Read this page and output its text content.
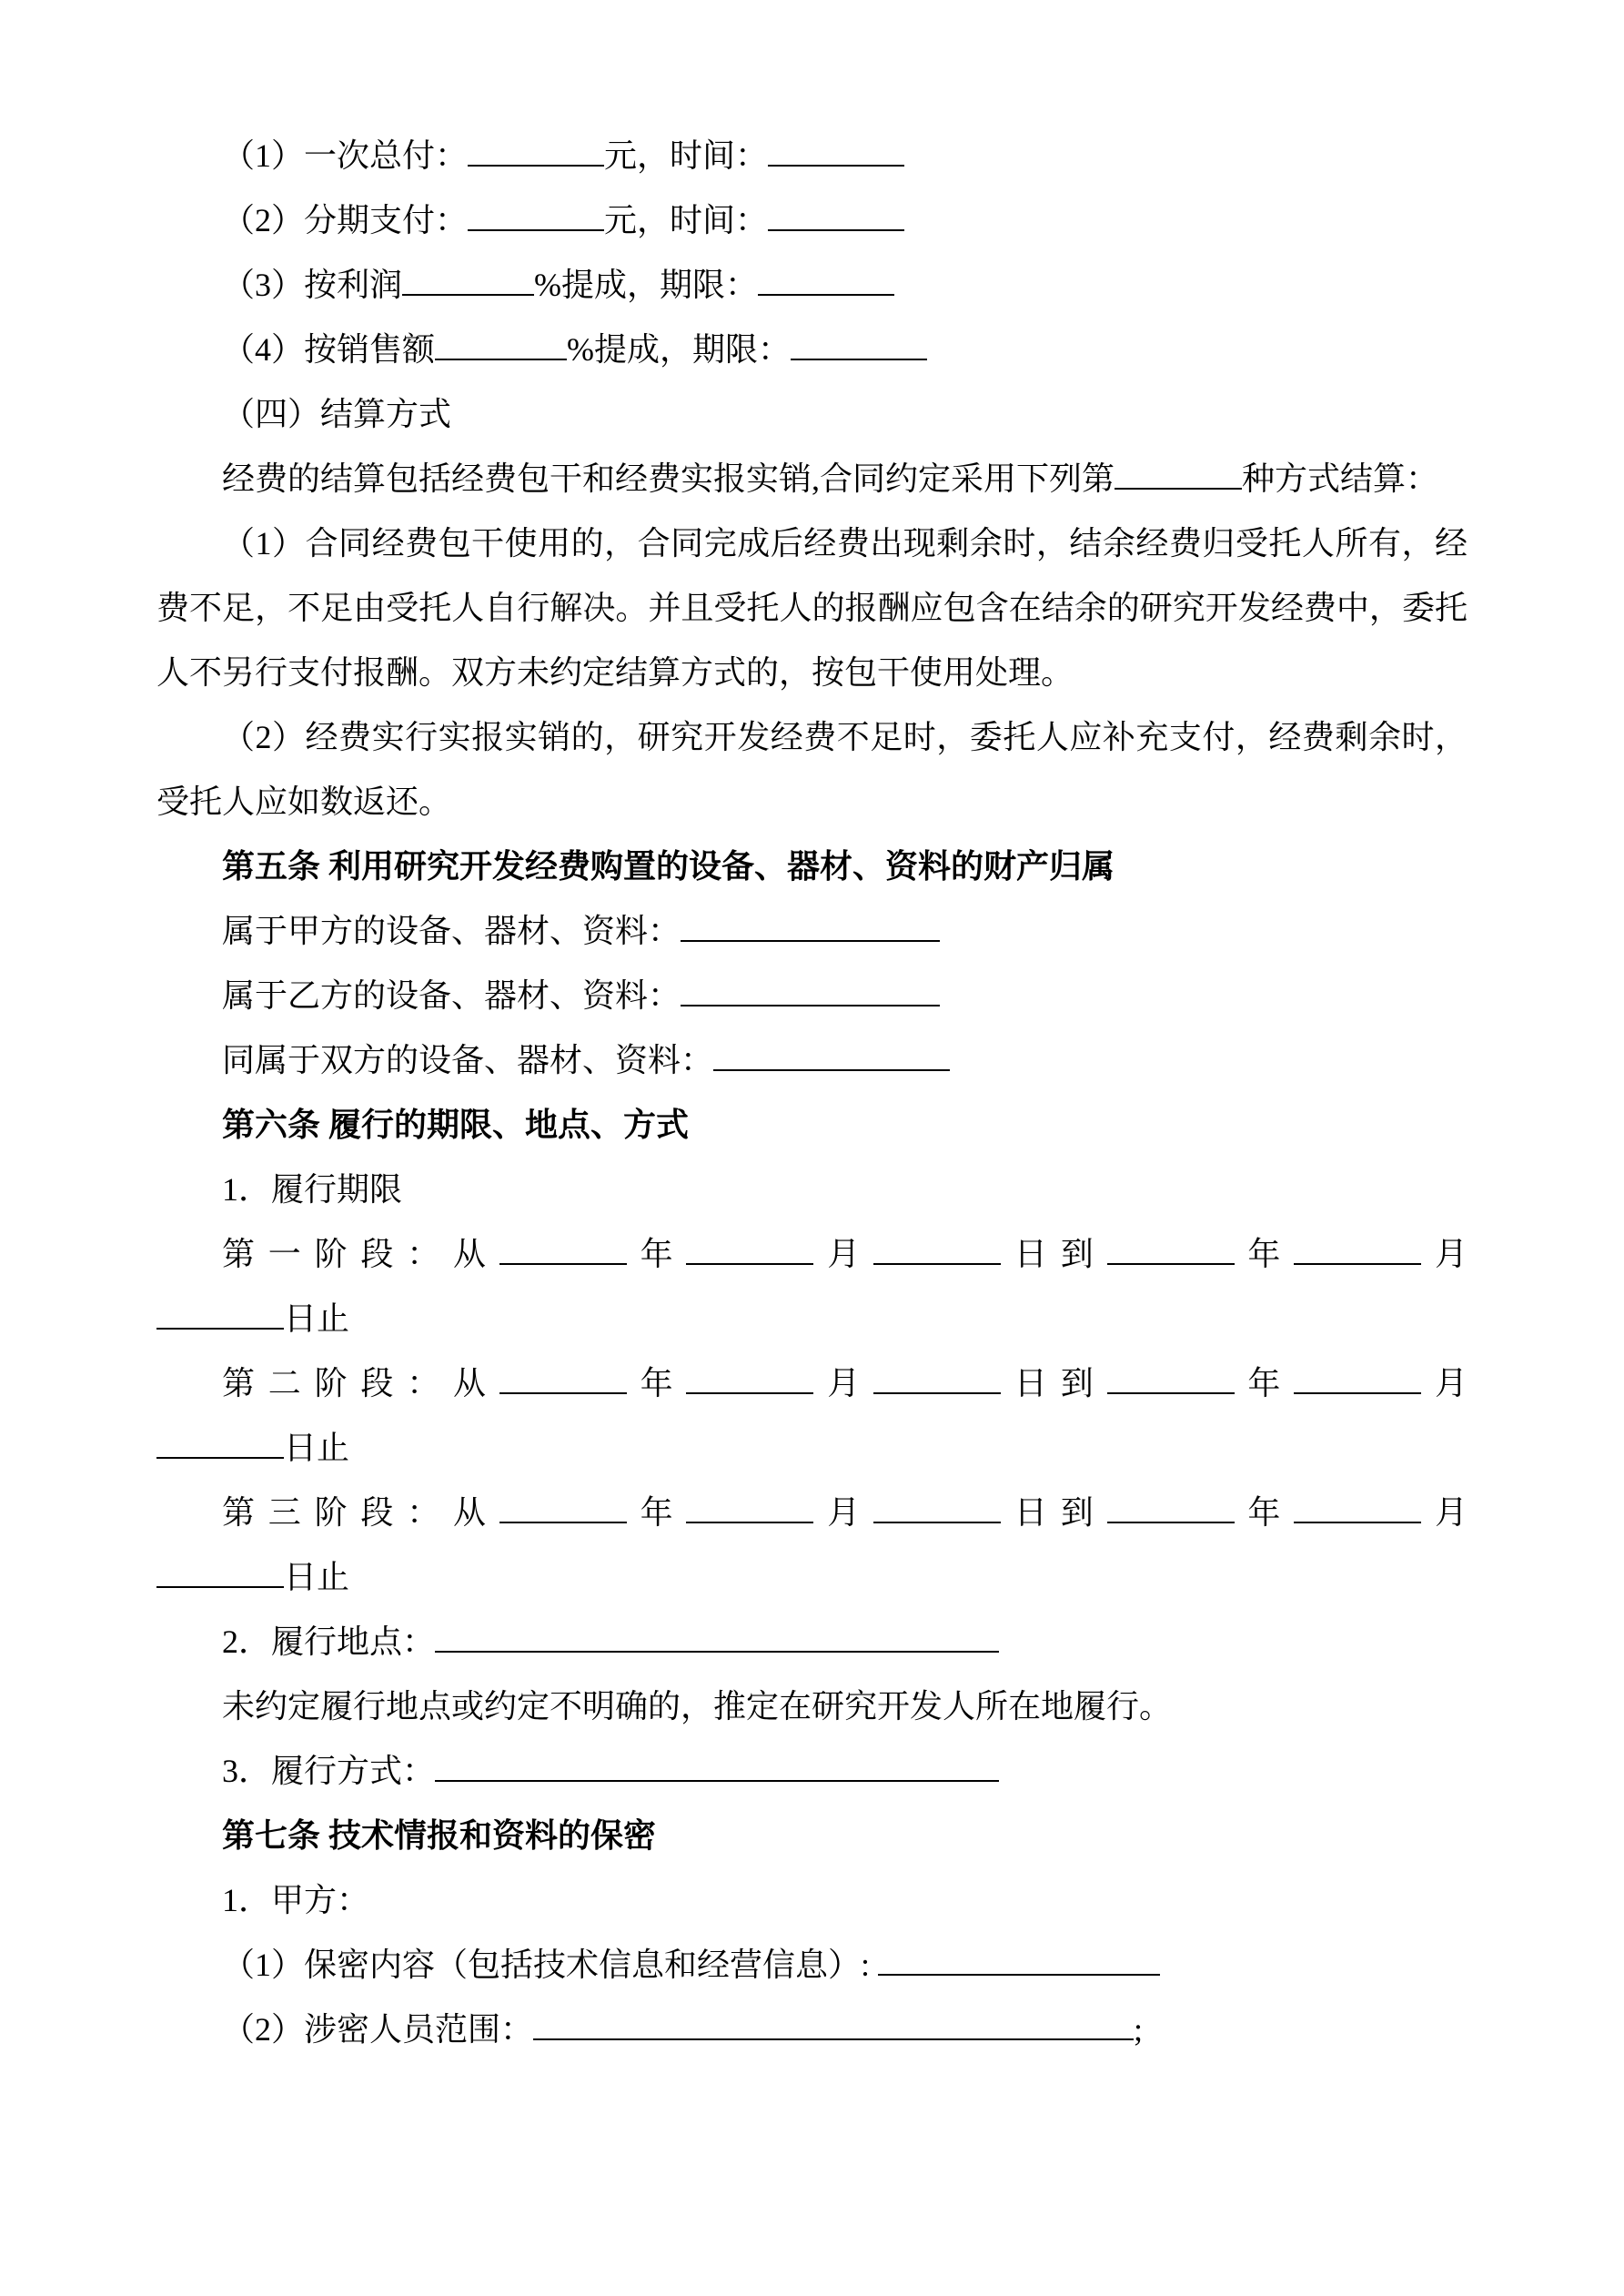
（1）一次总付：	元，时间：
（2）分期支付：	元，时间：
（3）按利润	%提成，期限：
（4）按销售额	%提成，期限：
（四）结算方式
经费的结算包括经费包干和经费实报实销,合同约定采用下列第	种方式结算：
（1）合同经费包干使用的，合同完成后经费出现剩余时，结余经费归受托人所有，经费不足，不足由受托人自行解决。并且受托人的报酬应包含在结余的研究开发经费中，委托人不另行支付报酬。双方未约定结算方式的，按包干使用处理。
（2）经费实行实报实销的，研究开发经费不足时，委托人应补充支付，经费剩余时，受托人应如数返还。
第五条 利用研究开发经费购置的设备、器材、资料的财产归属
属于甲方的设备、器材、资料：
属于乙方的设备、器材、资料：
同属于双方的设备、器材、资料：
第六条 履行的期限、地点、方式
1．履行期限
第一阶段：从	年	月	日到	年	月
日止
第二阶段：从	年	月	日到	年	月
日止
第三阶段：从	年	月	日到	年	月
日止
2．履行地点：
未约定履行地点或约定不明确的，推定在研究开发人所在地履行。
3．履行方式：
第七条 技术情报和资料的保密
1．甲方：
（1）保密内容（包括技术信息和经营信息）:
（2）涉密人员范围：	;
